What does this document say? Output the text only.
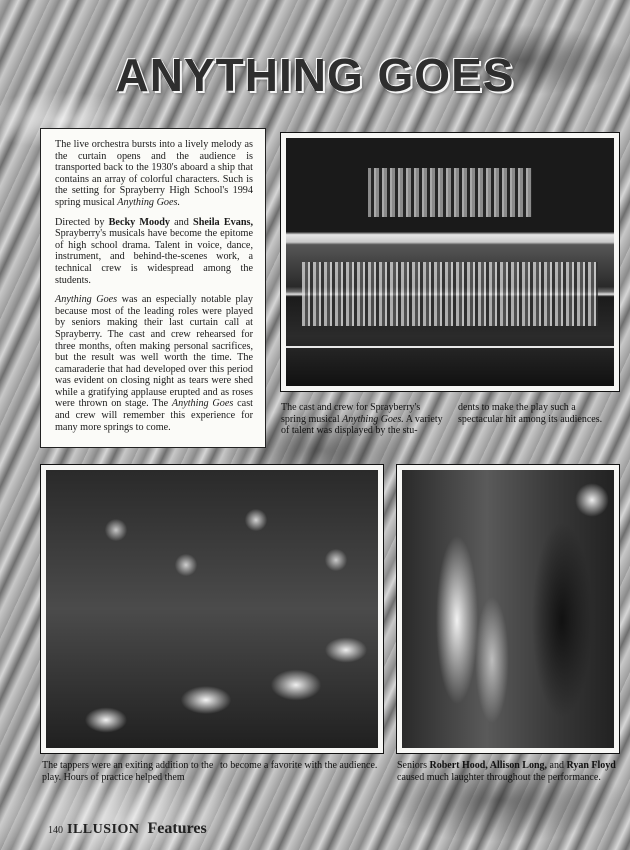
ANYTHING GOES

The live orchestra bursts into a lively melody as the curtain opens and the audience is transported back to the 1930's aboard a ship that contains an array of colorful characters. Such is the setting for Sprayberry High School's 1994 spring musical Anything Goes.

Directed by Becky Moody and Sheila Evans, Sprayberry's musicals have become the epitome of high school drama. Talent in voice, dance, instrument, and behind-the-scenes work, a technical crew is widespread among the students.

Anything Goes was an especially notable play because most of the leading roles were played by seniors making their last curtain call at Sprayberry. The cast and crew rehearsed for three months, often making personal sacrifices, but the result was well worth the time. The camaraderie that had developed over this period was evident on closing night as tears were shed while a gratifying applause erupted and as roses were thrown on stage. The Anything Goes cast and crew will remember this experience for many more springs to come.

The cast and crew for Sprayberry's spring musical Anything Goes. A variety of talent was displayed by the stu-
dents to make the play such a spectacular hit among its audiences.
The tappers were an exiting addition to the play. Hours of practice helped them
to become a favorite with the audience.	Seniors Robert Hood, Allison Long, and Ryan Floyd caused much laughter throughout the performance.
140 ILLUSION Features
